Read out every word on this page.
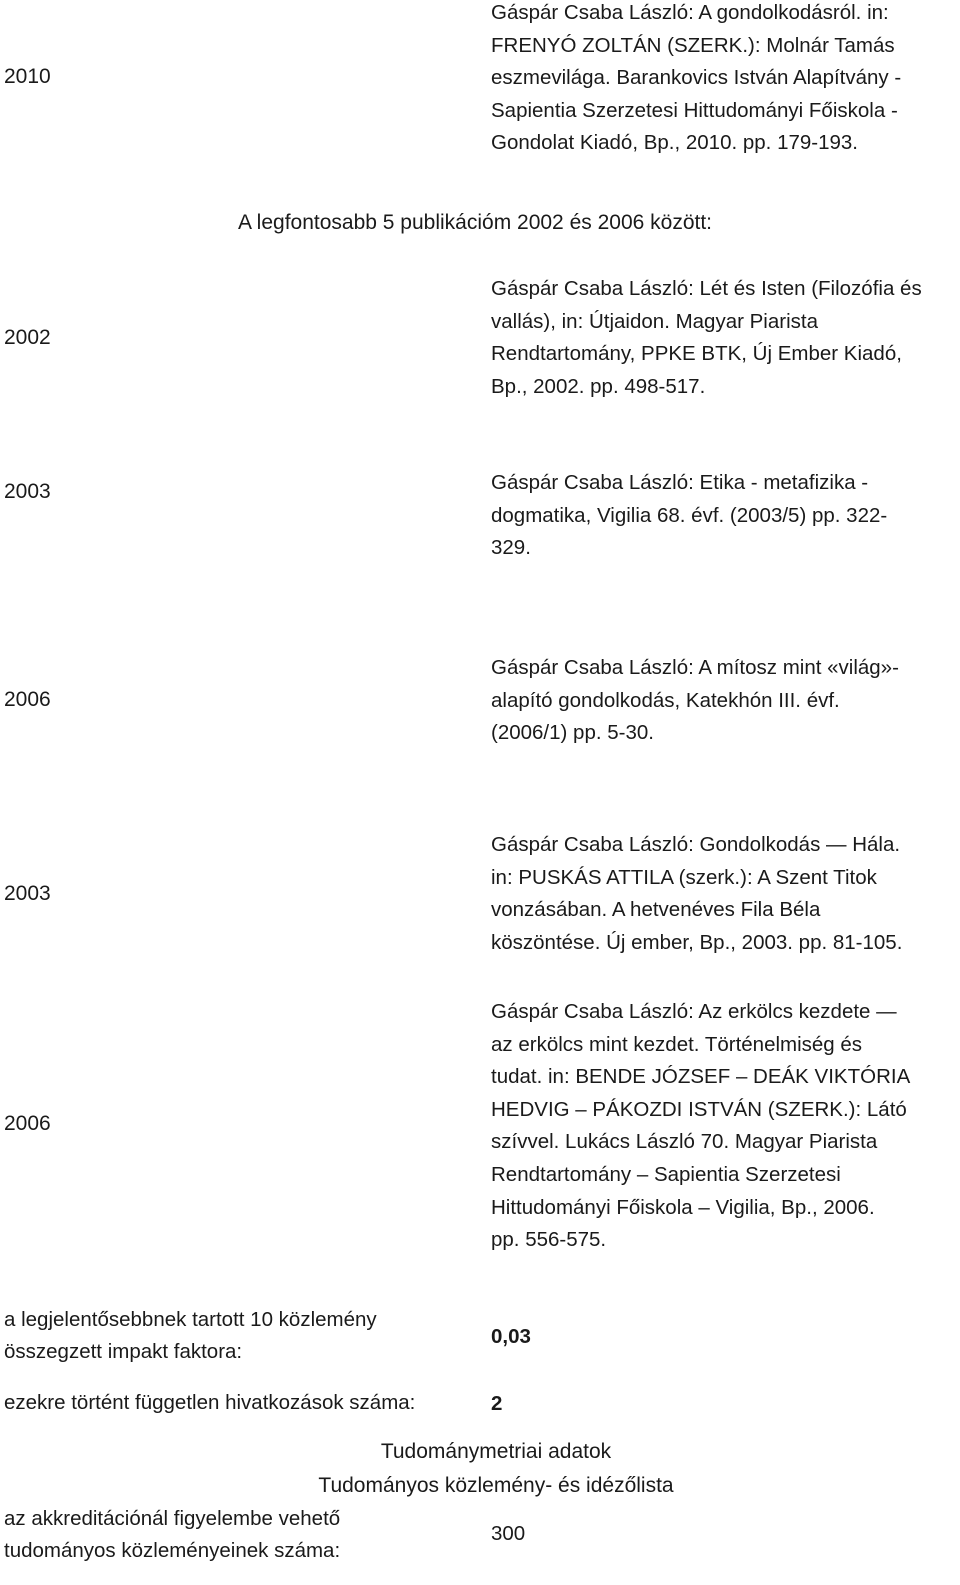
2010
Gáspár Csaba László: A gondolkodásról. in:
FRENYÓ ZOLTÁN (SZERK.): Molnár Tamás
eszmevilága. Barankovics István Alapítvány -
Sapientia Szerzetesi Hittudományi Főiskola -
Gondolat Kiadó, Bp., 2010. pp. 179-193.
A legfontosabb 5 publikációm 2002 és 2006 között:
2002
Gáspár Csaba László: Lét és Isten (Filozófia és
vallás), in: Útjaidon. Magyar Piarista
Rendtartomány, PPKE BTK, Új Ember Kiadó,
Bp., 2002. pp. 498-517.
2003	Gáspár Csaba László: Etika - metafizika -
dogmatika, Vigilia 68. évf. (2003/5) pp. 322-
329.
2006
Gáspár Csaba László: A mítosz mint «világ»-
alapító gondolkodás, Katekhón III. évf.
(2006/1) pp. 5-30.
2003
Gáspár Csaba László: Gondolkodás — Hála.
in: PUSKÁS ATTILA (szerk.): A Szent Titok
vonzásában. A hetvenéves Fila Béla
köszöntése. Új ember, Bp., 2003. pp. 81-105.
2006
Gáspár Csaba László: Az erkölcs kezdete —
az erkölcs mint kezdet. Történelmiség és
tudat. in: BENDE JÓZSEF – DEÁK VIKTÓRIA
HEDVIG – PÁKOZDI ISTVÁN (SZERK.): Látó
szívvel. Lukács László 70. Magyar Piarista
Rendtartomány – Sapientia Szerzetesi
Hittudományi Főiskola – Vigilia, Bp., 2006.
pp. 556-575.
a legjelentősebbnek tartott 10 közlemény
összegzett impakt faktora:
0,03
ezekre történt független hivatkozások száma:	2
Tudománymetriai adatok
Tudományos közlemény- és idézőlista
az akkreditációnál figyelembe vehető
tudományos közleményeinek száma:
300
